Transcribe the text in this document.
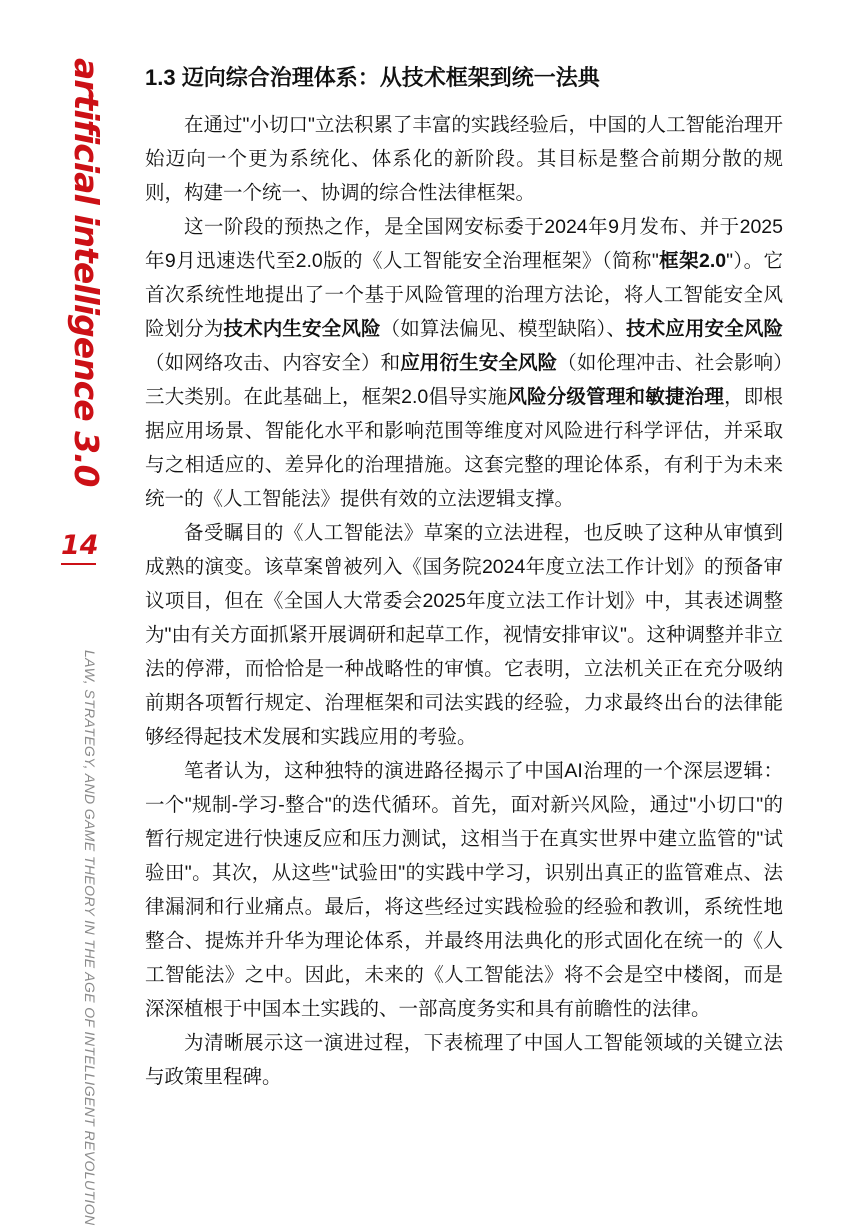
artificial intelligence 3.0
14
LAW, STRATEGY, AND GAME THEORY IN THE AGE OF INTELLIGENT REVOLUTION
1.3 迈向综合治理体系：从技术框架到统一法典

在通过"小切口"立法积累了丰富的实践经验后，中国的人工智能治理开始迈向一个更为系统化、体系化的新阶段。其目标是整合前期分散的规则，构建一个统一、协调的综合性法律框架。

这一阶段的预热之作，是全国网安标委于2024年9月发布、并于2025年9月迅速迭代至2.0版的《人工智能安全治理框架》（简称"框架2.0"）。它首次系统性地提出了一个基于风险管理的治理方法论，将人工智能安全风险划分为技术内生安全风险（如算法偏见、模型缺陷）、技术应用安全风险（如网络攻击、内容安全）和应用衍生安全风险（如伦理冲击、社会影响）三大类别。在此基础上，框架2.0倡导实施风险分级管理和敏捷治理，即根据应用场景、智能化水平和影响范围等维度对风险进行科学评估，并采取与之相适应的、差异化的治理措施。这套完整的理论体系，有利于为未来统一的《人工智能法》提供有效的立法逻辑支撑。

备受瞩目的《人工智能法》草案的立法进程，也反映了这种从审慎到成熟的演变。该草案曾被列入《国务院2024年度立法工作计划》的预备审议项目，但在《全国人大常委会2025年度立法工作计划》中，其表述调整为"由有关方面抓紧开展调研和起草工作，视情安排审议"。这种调整并非立法的停滞，而恰恰是一种战略性的审慎。它表明，立法机关正在充分吸纳前期各项暂行规定、治理框架和司法实践的经验，力求最终出台的法律能够经得起技术发展和实践应用的考验。

笔者认为，这种独特的演进路径揭示了中国AI治理的一个深层逻辑：一个"规制-学习-整合"的迭代循环。首先，面对新兴风险，通过"小切口"的暂行规定进行快速反应和压力测试，这相当于在真实世界中建立监管的"试验田"。其次，从这些"试验田"的实践中学习，识别出真正的监管难点、法律漏洞和行业痛点。最后，将这些经过实践检验的经验和教训，系统性地整合、提炼并升华为理论体系，并最终用法典化的形式固化在统一的《人工智能法》之中。因此，未来的《人工智能法》将不会是空中楼阁，而是深深植根于中国本土实践的、一部高度务实和具有前瞻性的法律。

为清晰展示这一演进过程，下表梳理了中国人工智能领域的关键立法与政策里程碑。
